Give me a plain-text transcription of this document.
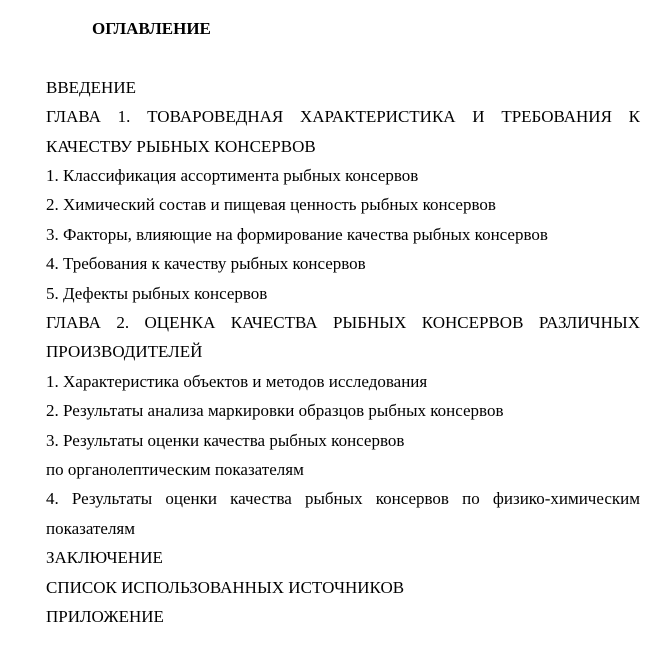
ОГЛАВЛЕНИЕ
ВВЕДЕНИЕ
ГЛАВА 1. ТОВАРОВЕДНАЯ ХАРАКТЕРИСТИКА И ТРЕБОВАНИЯ К
КАЧЕСТВУ РЫБНЫХ КОНСЕРВОВ
1. Классификация ассортимента рыбных консервов
2. Химический состав и пищевая ценность рыбных консервов
3. Факторы, влияющие на формирование качества рыбных консервов
4. Требования к качеству рыбных консервов
5. Дефекты рыбных консервов
ГЛАВА 2. ОЦЕНКА КАЧЕСТВА РЫБНЫХ КОНСЕРВОВ РАЗЛИЧНЫХ
ПРОИЗВОДИТЕЛЕЙ
1. Характеристика объектов и методов исследования
2. Результаты анализа маркировки образцов рыбных консервов
3. Результаты оценки качества рыбных консервов
по органолептическим показателям
4. Результаты оценки качества рыбных консервов по физико-химическим
показателям
ЗАКЛЮЧЕНИЕ
СПИСОК ИСПОЛЬЗОВАННЫХ ИСТОЧНИКОВ
ПРИЛОЖЕНИЕ
